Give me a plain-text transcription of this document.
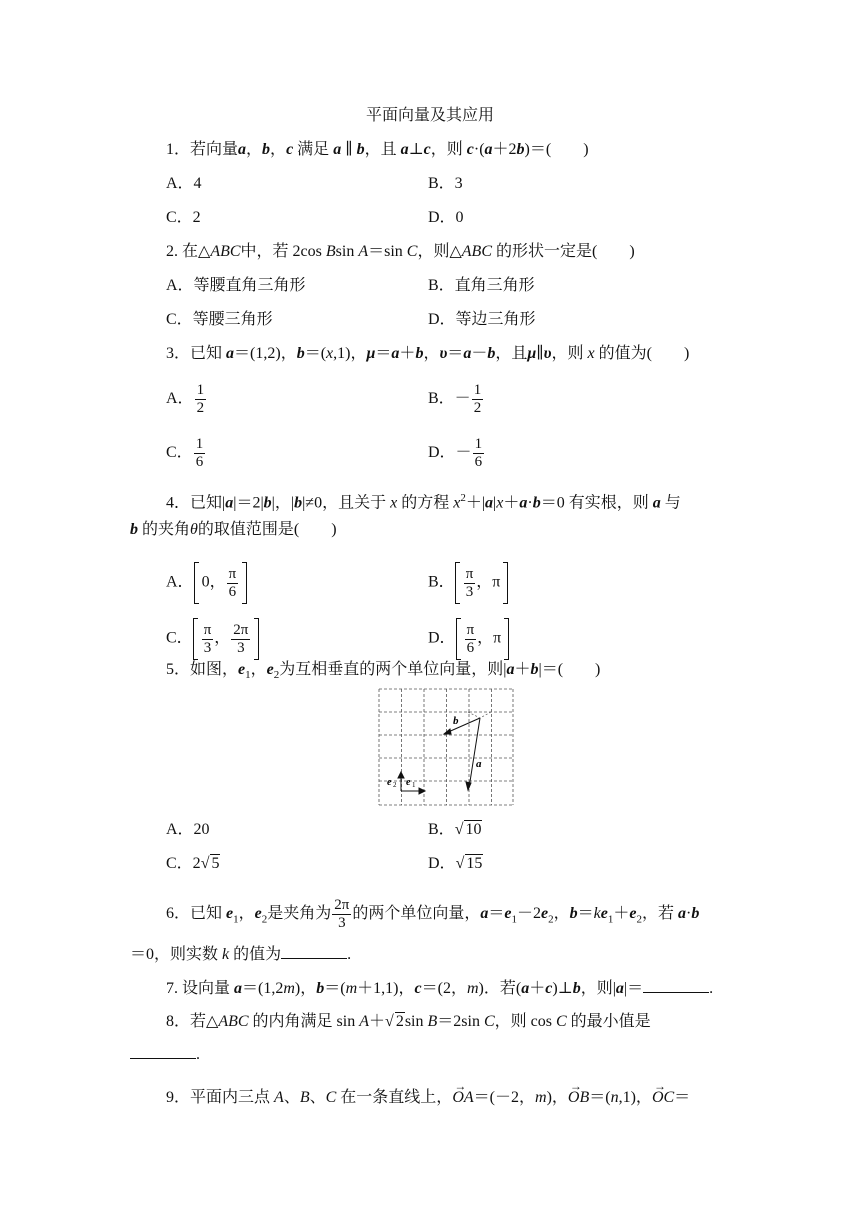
平面向量及其应用
1．若向量a，b，c 满足 a ∥ b，且 a⊥c，则 c·(a＋2b)＝(　　)
A．4	B．3
C．2	D．0
2. 在△ABC中，若 2cos Bsin A＝sin C，则△ABC 的形状一定是(　　)
A．等腰直角三角形	B．直角三角形
C．等腰三角形	D．等边三角形
3．已知 a＝(1,2)，b＝(x,1)，μ＝a＋b，υ＝a－b，且μ∥υ，则 x 的值为(　　)
A． $\frac{1}{2}$	B．－ $\frac{1}{2}$
C． $\frac{1}{6}$	D．－ $\frac{1}{6}$
4．已知|a|＝2|b|，|b|≠0，且关于 x 的方程 $x^2+|a|x+a\cdot b=0$ 有实根，则 a 与
b 的夹角θ的取值范围是(　　)
A． 0， $\frac{\pi}{6}$	B． $\frac{\pi}{3}$ ，π
C． $\frac{\pi}{3}$ ， $\frac{2\pi}{3}$	D． $\frac{\pi}{6}$ ，π
5．如图，$e_1$，$e_2$为互相垂直的两个单位向量，则|a＋b|＝(　　)
b
a
e 2 e 1
A．20	B．√ 10
C．2√ 5	D．√ 15
6．已知 $e_1$，$e_2$是夹角为 $\frac{2\pi}{3}$ 的两个单位向量，$a=e_1-2e_2$，$b=ke_1+e_2$，若 a·b
＝0，则实数 k 的值为	.
7. 设向量 a＝(1,2m)，b＝(m＋1,1)，c＝(2，m)．若(a＋c)⊥b，则|a|＝	.
8．若△ABC 的内角满足 sin A＋√ 2sin B＝2sin C，则 cos C 的最小值是
.
9．平面内三点 A、B、C 在一条直线上，→ OA＝(－2，m)，→ OB＝(n,1)，→ OC＝
